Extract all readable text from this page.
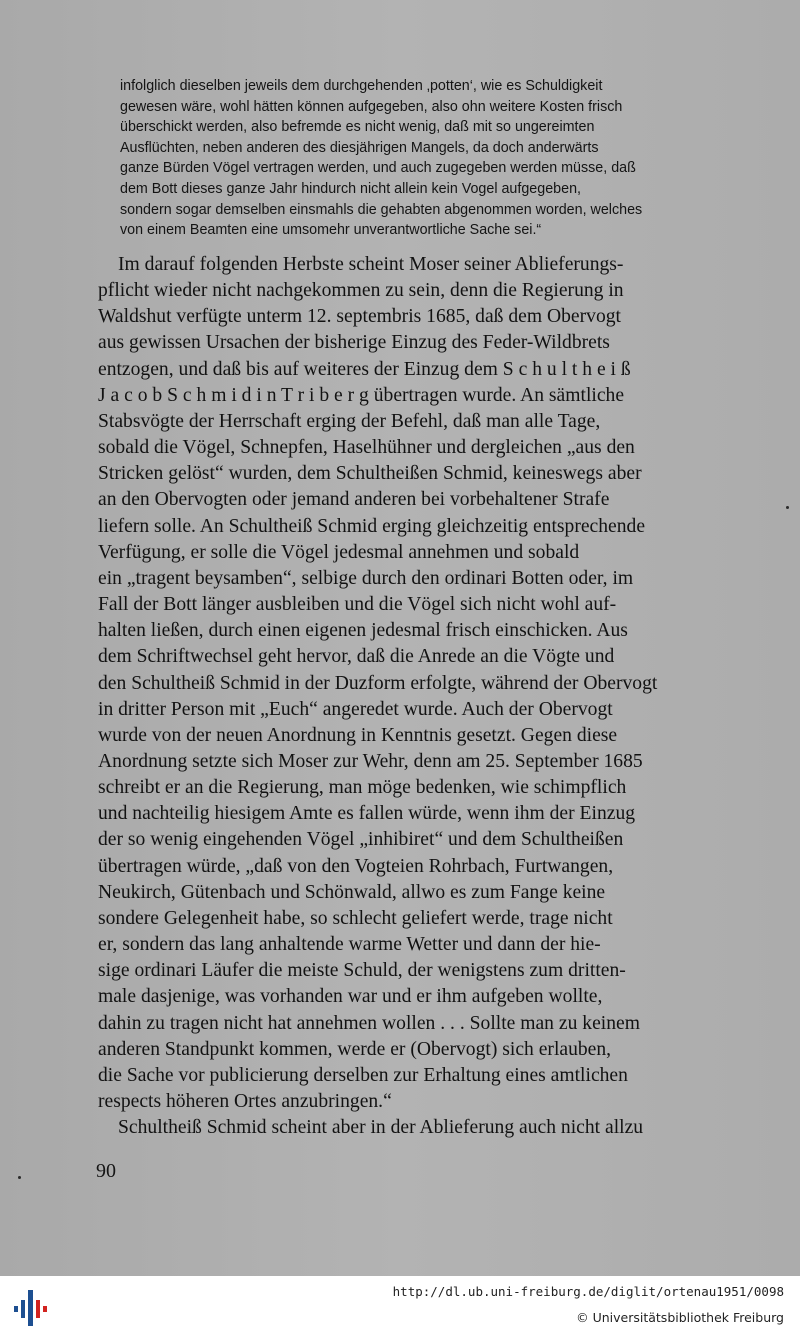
infolglich dieselben jeweils dem durchgehenden ‚potten‘, wie es Schuldigkeit
gewesen wäre, wohl hätten können aufgegeben, also ohn weitere Kosten frisch
überschickt werden, also befremde es nicht wenig, daß mit so ungereimten
Ausflüchten, neben anderen des diesjährigen Mangels, da doch anderwärts
ganze Bürden Vögel vertragen werden, und auch zugegeben werden müsse, daß
dem Bott dieses ganze Jahr hindurch nicht allein kein Vogel aufgegeben,
sondern sogar demselben einsmahls die gehabten abgenommen worden, welches
von einem Beamten eine umsomehr unverantwortliche Sache sei.“
Im darauf folgenden Herbste scheint Moser seiner Ablieferungs-
pflicht wieder nicht nachgekommen zu sein, denn die Regierung in
Waldshut verfügte unterm 12. septembris 1685, daß dem Obervogt
aus gewissen Ursachen der bisherige Einzug des Feder-Wildbrets
entzogen, und daß bis auf weiteres der Einzug dem S c h u l t h e i ß
J a c o b S c h m i d i n T r i b e r g übertragen wurde. An sämtliche
Stabsvögte der Herrschaft erging der Befehl, daß man alle Tage,
sobald die Vögel, Schnepfen, Haselhühner und dergleichen „aus den
Stricken gelöst“ wurden, dem Schultheißen Schmid, keineswegs aber
an den Obervogten oder jemand anderen bei vorbehaltener Strafe
liefern solle. An Schultheiß Schmid erging gleichzeitig entsprechende
Verfügung, er solle die Vögel jedesmal annehmen und sobald
ein „tragent beysamben“, selbige durch den ordinari Botten oder, im
Fall der Bott länger ausbleiben und die Vögel sich nicht wohl auf-
halten ließen, durch einen eigenen jedesmal frisch einschicken. Aus
dem Schriftwechsel geht hervor, daß die Anrede an die Vögte und
den Schultheiß Schmid in der Duzform erfolgte, während der Obervogt
in dritter Person mit „Euch“ angeredet wurde. Auch der Obervogt
wurde von der neuen Anordnung in Kenntnis gesetzt. Gegen diese
Anordnung setzte sich Moser zur Wehr, denn am 25. September 1685
schreibt er an die Regierung, man möge bedenken, wie schimpflich
und nachteilig hiesigem Amte es fallen würde, wenn ihm der Einzug
der so wenig eingehenden Vögel „inhibiret“ und dem Schultheißen
übertragen würde, „daß von den Vogteien Rohrbach, Furtwangen,
Neukirch, Gütenbach und Schönwald, allwo es zum Fange keine
sondere Gelegenheit habe, so schlecht geliefert werde, trage nicht
er, sondern das lang anhaltende warme Wetter und dann der hie-
sige ordinari Läufer die meiste Schuld, der wenigstens zum dritten-
male dasjenige, was vorhanden war und er ihm aufgeben wollte,
dahin zu tragen nicht hat annehmen wollen . . . Sollte man zu keinem
anderen Standpunkt kommen, werde er (Obervogt) sich erlauben,
die Sache vor publicierung derselben zur Erhaltung eines amtlichen
respects höheren Ortes anzubringen.“
Schultheiß Schmid scheint aber in der Ablieferung auch nicht allzu
90
http://dl.ub.uni-freiburg.de/diglit/ortenau1951/0098
© Universitätsbibliothek Freiburg
